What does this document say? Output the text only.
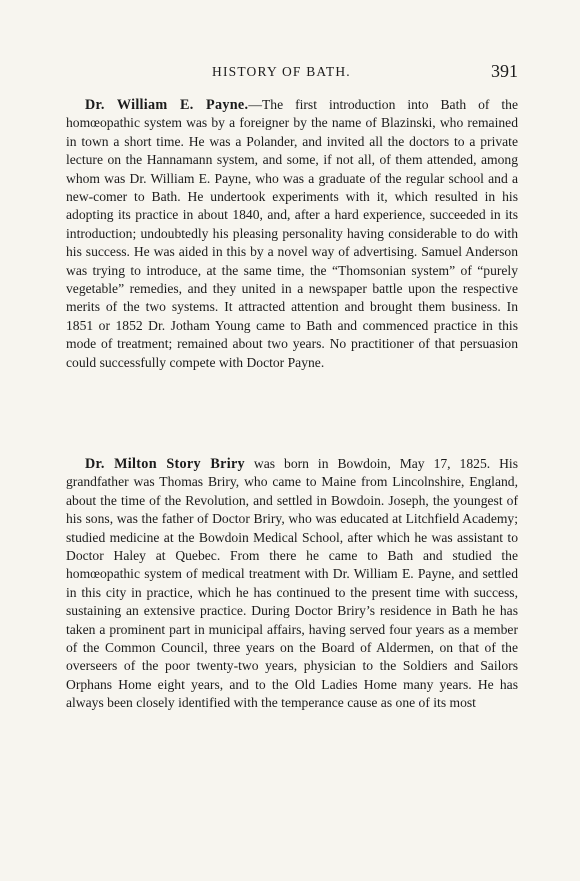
HISTORY OF BATH.	391

Dr. William E. Payne.—The first introduction into Bath of the homœopathic system was by a foreigner by the name of Blazinski, who remained in town a short time. He was a Polander, and invited all the doctors to a private lecture on the Hannamann system, and some, if not all, of them attended, among whom was Dr. William E. Payne, who was a graduate of the regular school and a new-comer to Bath. He undertook experiments with it, which resulted in his adopting its practice in about 1840, and, after a hard experience, succeeded in its introduction; undoubtedly his pleasing personality having considerable to do with his success. He was aided in this by a novel way of advertising. Samuel Anderson was trying to introduce, at the same time, the “Thomsonian system” of “purely vegetable” remedies, and they united in a newspaper battle upon the respective merits of the two systems. It attracted attention and brought them business. In 1851 or 1852 Dr. Jotham Young came to Bath and commenced practice in this mode of treatment; remained about two years. No practitioner of that persuasion could successfully compete with Doctor Payne.

Dr. Milton Story Briry was born in Bowdoin, May 17, 1825. His grandfather was Thomas Briry, who came to Maine from Lincolnshire, England, about the time of the Revolution, and settled in Bowdoin. Joseph, the youngest of his sons, was the father of Doctor Briry, who was educated at Litchfield Academy; studied medicine at the Bowdoin Medical School, after which he was assistant to Doctor Haley at Quebec. From there he came to Bath and studied the homœopathic system of medical treatment with Dr. William E. Payne, and settled in this city in practice, which he has continued to the present time with success, sustaining an extensive practice. During Doctor Briry’s residence in Bath he has taken a prominent part in municipal affairs, having served four years as a member of the Common Council, three years on the Board of Aldermen, on that of the overseers of the poor twenty-two years, physician to the Soldiers and Sailors Orphans Home eight years, and to the Old Ladies Home many years. He has always been closely identified with the temperance cause as one of its most
